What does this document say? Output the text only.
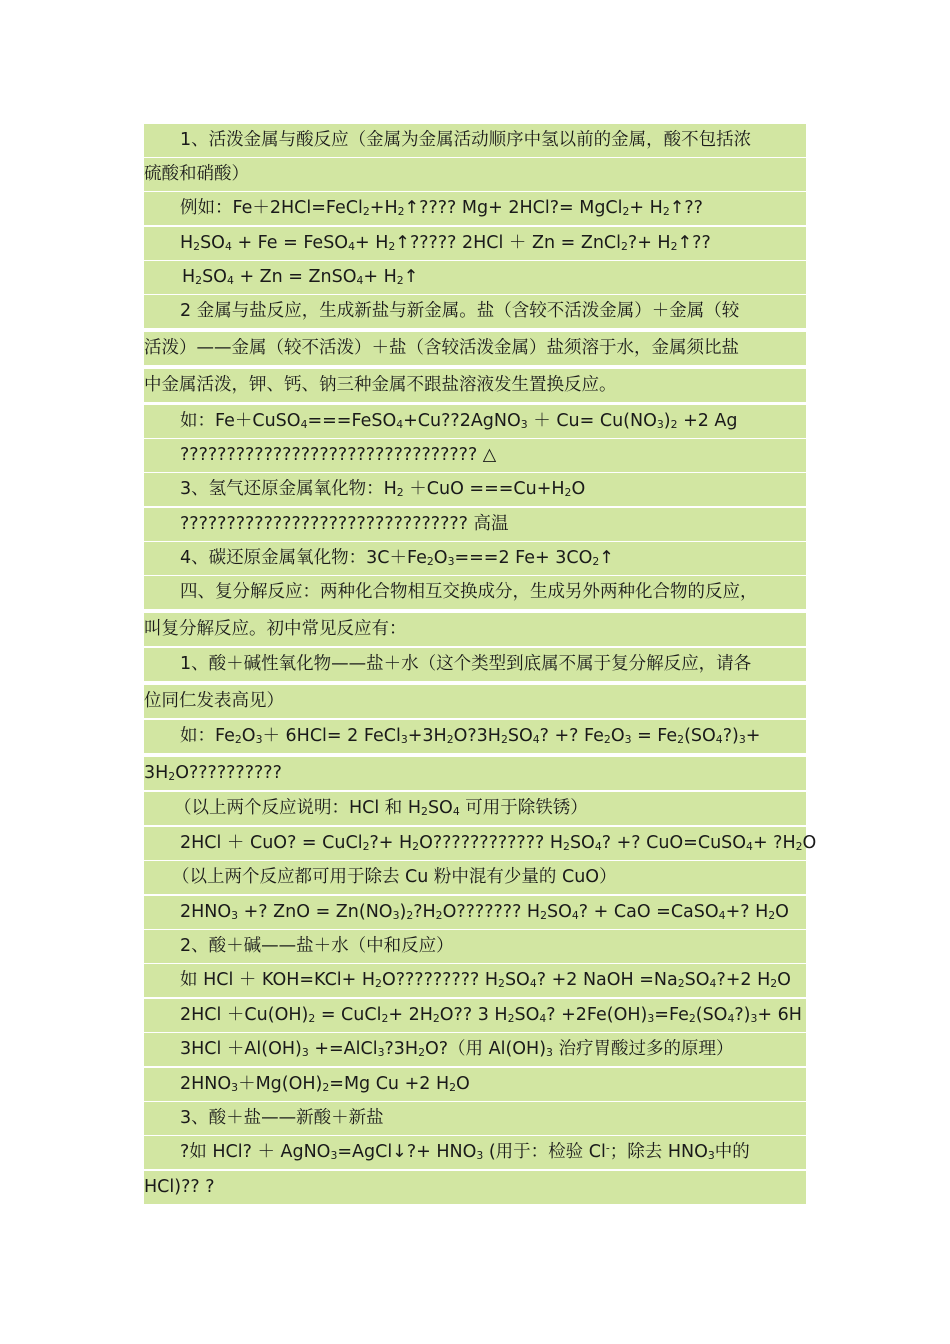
1、活泼金属与酸反应（金属为金属活动顺序中氢以前的金属，酸不包括浓
硫酸和硝酸）
例如：$Fe+2HCl=FeCl_2+H_2↑$???? Mg+ 2HCl?= MgCl$_2$+ $H_2↑$??
$H_2SO_4 + Fe$ = FeSO$_4$+ $H_2↑$????? 2HCl ＋ Zn = ZnCl$_2$?+ $H_2↑$??
$H_2SO_4 + Zn$ = ZnSO$_4$+ $H_2↑$
2 金属与盐反应，生成新盐与新金属。盐（含较不活泼金属）＋金属（较
活泼）——金属（较不活泼）＋盐（含较活泼金属）盐须溶于水，金属须比盐
中金属活泼，钾、钙、钠三种金属不跟盐溶液发生置换反应。
如：Fe＋CuSO$_4$===FeSO$_4$+Cu??2AgNO$_3$ ＋ $Cu= Cu(NO_3)_2 +2$ Ag
???????????????????????????????? △
3、氢气还原金属氧化物：$H_2 +CuO ===Cu+H_2O$
??????????????????????????????? 高温
4、碳还原金属氧化物：$3C+Fe_2O_3===2$ $Fe+ 3CO_2↑$
四、复分解反应：两种化合物相互交换成分，生成另外两种化合物的反应，
叫复分解反应。初中常见反应有：
1、酸＋碱性氧化物——盐＋水（这个类型到底属不属于复分解反应，请各
位同仁发表高见）
如：$Fe_2O_3+ 6HCl= 2$ $FeCl_3+3H_2O?3H_2SO_4$? +? $Fe_2O_3$ = $Fe_2(SO_4?)_3+$
$3H_2O$??????????
（以上两个反应说明：HCl 和 $H_2SO_4$ 可用于除铁锈）
2HCl ＋ CuO? = CuCl$_2$?+ $H_2O$???????????? $H_2SO_4$? +? CuO=CuSO$_4$+ $?H_2O$
（以上两个反应都可用于除去 Cu 粉中混有少量的 CuO）
$2HNO_3$ +? ZnO = $Zn(NO_3)_2?H_2O$??????? $H_2SO_4$? + CaO =CaSO$_4$+? $H_2O$
2、酸＋碱——盐＋水（中和反应）
如 HCl ＋ $KOH=KCl+ H_2O$????????? $H_2SO_4$? +2 NaOH $=Na_2SO_4?+2$ $H_2O$
$2HCl +Cu(OH)_2$ = CuCl$_2$+ $2H_2O$?? 3 $H_2SO_4$? $+2Fe(OH)_3=Fe_2(SO_4?)_3+ 6H$
$3HCl +Al(OH)_3$ $+=AlCl_3?3H_2O$?（用 $Al(OH)_3$ 治疗胃酸过多的原理）
$2HNO_3+Mg(OH)_2=Mg$ Cu +2 $H_2O$
3、酸＋盐——新酸＋新盐
?如 HCl? ＋ AgNO$_3$=AgCl↓?+ $HNO_3$ (用于：检验 Cl-；除去 $HNO_3$中的
HCl)?? ?
